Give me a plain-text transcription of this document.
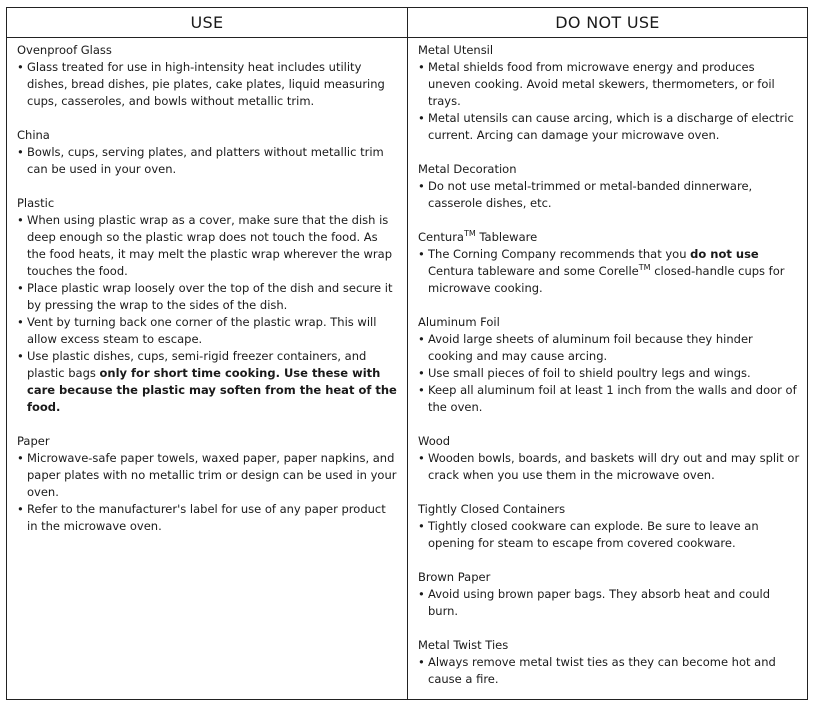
USE	DO NOT USE
Ovenproof Glass
• Glass treated for use in high-intensity heat includes utility dishes, bread dishes, pie plates, cake plates, liquid measuring cups, casseroles, and bowls without metallic trim.
China
• Bowls, cups, serving plates, and platters without metallic trim can be used in your oven.
Plastic
• When using plastic wrap as a cover, make sure that the dish is deep enough so the plastic wrap does not touch the food. As the food heats, it may melt the plastic wrap wherever the wrap touches the food.
• Place plastic wrap loosely over the top of the dish and secure it by pressing the wrap to the sides of the dish.
• Vent by turning back one corner of the plastic wrap. This will allow excess steam to escape.
• Use plastic dishes, cups, semi-rigid freezer containers, and plastic bags only for short time cooking. Use these with care because the plastic may soften from the heat of the food.
Paper
• Microwave-safe paper towels, waxed paper, paper napkins, and paper plates with no metallic trim or design can be used in your oven.
• Refer to the manufacturer's label for use of any paper product in the microwave oven.
Metal Utensil
• Metal shields food from microwave energy and produces uneven cooking. Avoid metal skewers, thermometers, or foil trays.
• Metal utensils can cause arcing, which is a discharge of electric current. Arcing can damage your microwave oven.
Metal Decoration
• Do not use metal-trimmed or metal-banded dinnerware, casserole dishes, etc.
Centura™ Tableware
• The Corning Company recommends that you do not use Centura tableware and some Corelle™ closed-handle cups for microwave cooking.
Aluminum Foil
• Avoid large sheets of aluminum foil because they hinder cooking and may cause arcing.
• Use small pieces of foil to shield poultry legs and wings.
• Keep all aluminum foil at least 1 inch from the walls and door of the oven.
Wood
• Wooden bowls, boards, and baskets will dry out and may split or crack when you use them in the microwave oven.
Tightly Closed Containers
• Tightly closed cookware can explode. Be sure to leave an opening for steam to escape from covered cookware.
Brown Paper
• Avoid using brown paper bags. They absorb heat and could burn.
Metal Twist Ties
• Always remove metal twist ties as they can become hot and cause a fire.
